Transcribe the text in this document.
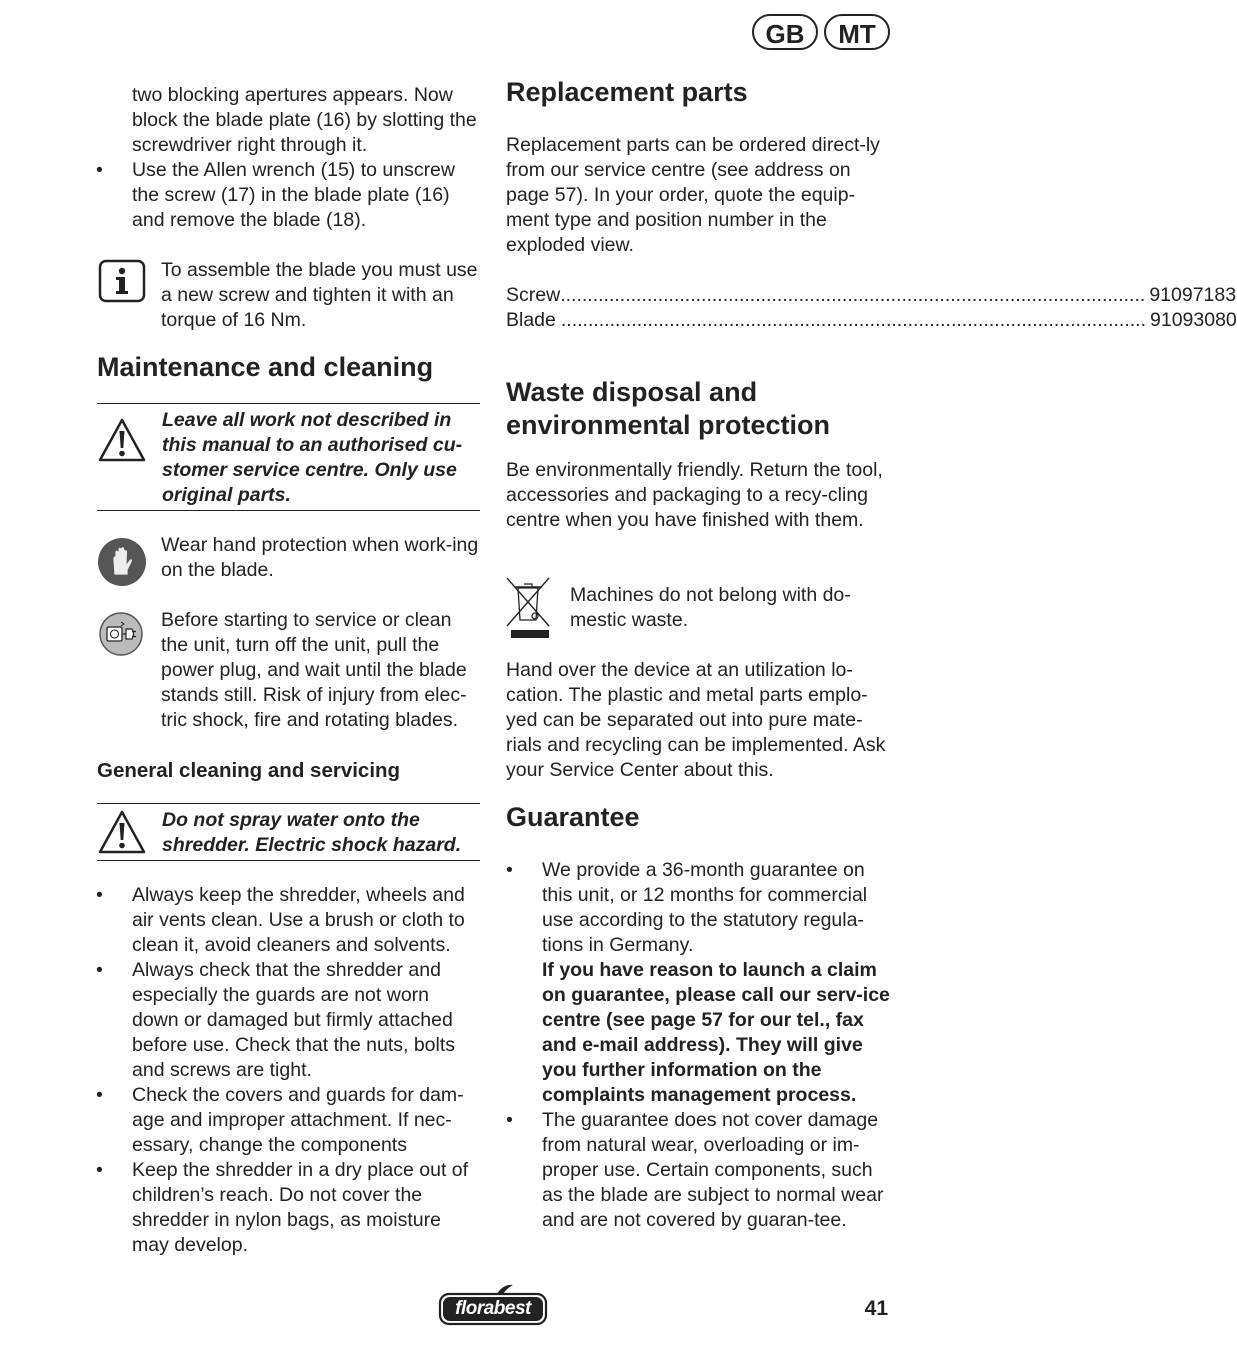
GB	MT
two blocking apertures appears. Now block the blade plate (16) by slotting the screwdriver right through it.
• Use the Allen wrench (15) to unscrew the screw (17) in the blade plate (16) and remove the blade (18).
To assemble the blade you must use a new screw and tighten it with an torque of 16 Nm.
Maintenance and cleaning
Leave all work not described in this manual to an authorised cu-stomer service centre. Only use original parts.
Wear hand protection when work-ing on the blade.
Before starting to service or clean the unit, turn off the unit, pull the power plug, and wait until the blade stands still. Risk of injury from elec-tric shock, fire and rotating blades.
General cleaning and servicing
Do not spray water onto the shredder. Electric shock hazard.
• Always keep the shredder, wheels and air vents clean. Use a brush or cloth to clean it, avoid cleaners and solvents.
• Always check that the shredder and especially the guards are not worn down or damaged but firmly attached before use. Check that the nuts, bolts and screws are tight.
• Check the covers and guards for dam-age and improper attachment. If nec-essary, change the components
• Keep the shredder in a dry place out of children’s reach. Do not cover the shredder in nylon bags, as moisture may develop.
Replacement parts
Replacement parts can be ordered direct-ly from our service centre (see address on page 57). In your order, quote the equip-ment type and position number in the exploded view.
Screw ............................................................................................................ 91097183
Blade ............................................................................................................ 91093080
Waste disposal and
environmental protection
Be environmentally friendly. Return the tool, accessories and packaging to a recy-cling centre when you have finished with them.
Machines do not belong with do-mestic waste.
Hand over the device at an utilization lo-cation. The plastic and metal parts emplo-yed can be separated out into pure mate-rials and recycling can be implemented. Ask your Service Center about this.
Guarantee
• We provide a 36-month guarantee on this unit, or 12 months for commercial use according to the statutory regula-tions in Germany.
If you have reason to launch a claim on guarantee, please call our serv-ice centre (see page 57 for our tel., fax and e-mail address). They will give you further information on the complaints management process.
• The guarantee does not cover damage from natural wear, overloading or im-proper use. Certain components, such as the blade are subject to normal wear and are not covered by guaran-tee.
florabest	41
